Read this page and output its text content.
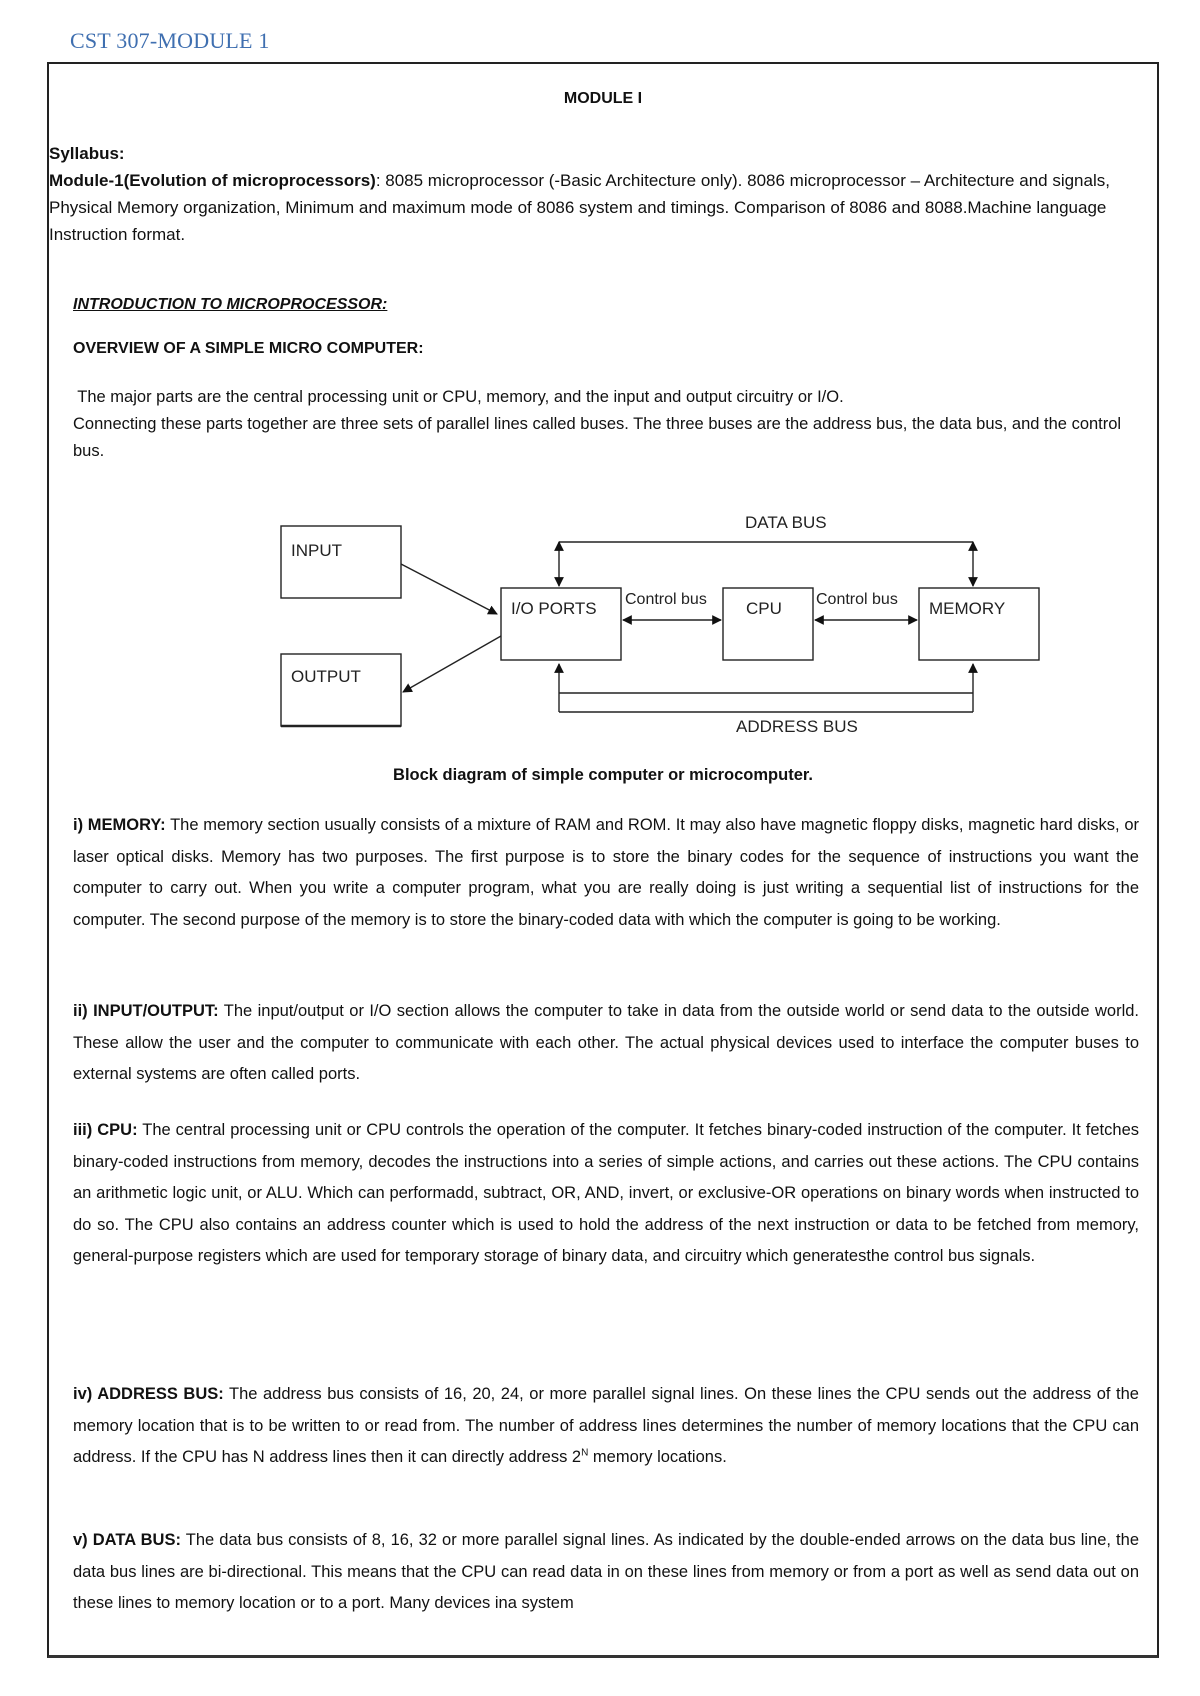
CST 307-MODULE 1
MODULE I
Syllabus:
Module-1(Evolution of microprocessors): 8085 microprocessor (-Basic Architecture only). 8086 microprocessor – Architecture and signals, Physical Memory organization, Minimum and maximum mode of 8086 system and timings. Comparison of 8086 and 8088.Machine language Instruction format.
INTRODUCTION TO MICROPROCESSOR:
OVERVIEW OF A SIMPLE MICRO COMPUTER:
The major parts are the central processing unit or CPU, memory, and the input and output circuitry or I/O.
Connecting these parts together are three sets of parallel lines called buses. The three buses are the address bus, the data bus, and the control bus.
INPUT
OUTPUT
I/O PORTS	CPU	MEMORY
DATA BUS
ADDRESS BUS
Control bus	Control bus
Block diagram of simple computer or microcomputer.
i) MEMORY: The memory section usually consists of a mixture of RAM and ROM. It may also have magnetic floppy disks, magnetic hard disks, or laser optical disks. Memory has two purposes. The first purpose is to store the binary codes for the sequence of instructions you want the computer to carry out. When you write a computer program, what you are really doing is just writing a sequential list of instructions for the computer. The second purpose of the memory is to store the binary-coded data with which the computer is going to be working.
ii) INPUT/OUTPUT: The input/output or I/O section allows the computer to take in data from the outside world or send data to the outside world. These allow the user and the computer to communicate with each other. The actual physical devices used to interface the computer buses to external systems are often called ports.
iii) CPU: The central processing unit or CPU controls the operation of the computer. It fetches binary-coded instruction of the computer. It fetches binary-coded instructions from memory, decodes the instructions into a series of simple actions, and carries out these actions. The CPU contains an arithmetic logic unit, or ALU. Which can performadd, subtract, OR, AND, invert, or exclusive-OR operations on binary words when instructed to do so. The CPU also contains an address counter which is used to hold the address of the next instruction or data to be fetched from memory, general-purpose registers which are used for temporary storage of binary data, and circuitry which generatesthe control bus signals.
iv) ADDRESS BUS: The address bus consists of 16, 20, 24, or more parallel signal lines. On these lines the CPU sends out the address of the memory location that is to be written to or read from. The number of address lines determines the number of memory locations that the CPU can address. If the CPU has N address lines then it can directly address $2^N$ memory locations.
v) DATA BUS: The data bus consists of 8, 16, 32 or more parallel signal lines. As indicated by the double-ended arrows on the data bus line, the data bus lines are bi-directional. This means that the CPU can read data in on these lines from memory or from a port as well as send data out on these lines to memory location or to a port. Many devices ina system
